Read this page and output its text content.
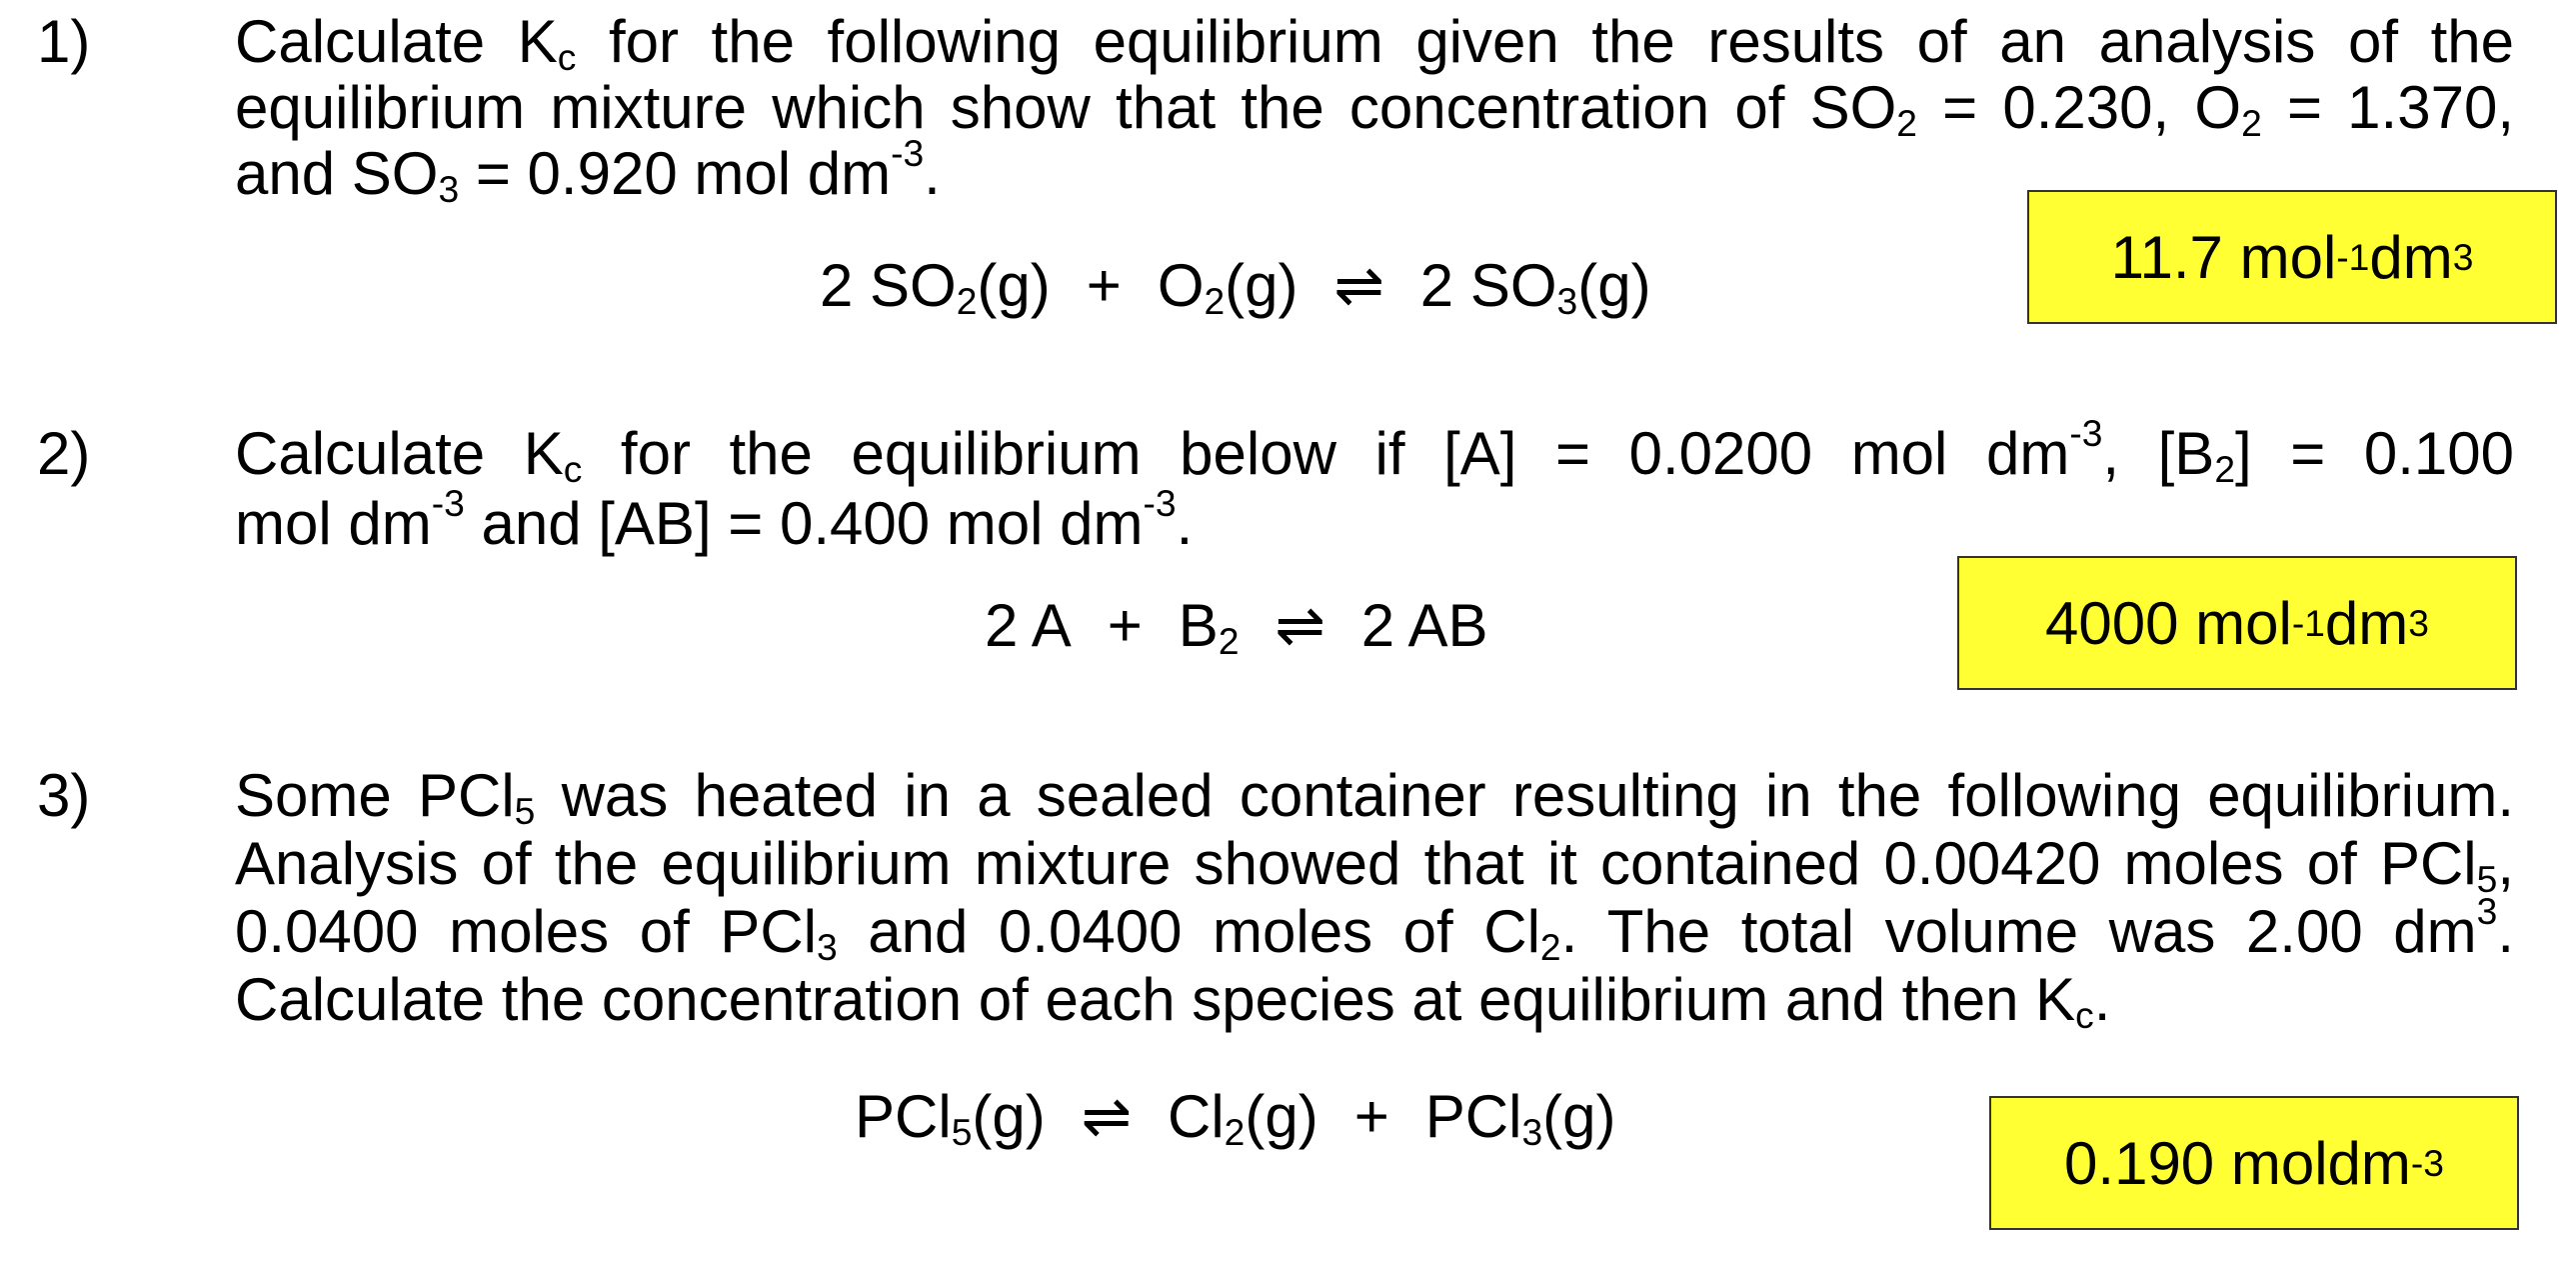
1) Calculate $K_c$ for the following equilibrium given the results of an analysis of the
equilibrium mixture which show that the concentration of $SO_2 = 0.230$, $O_2 = 1.370$,
and $SO_3 = 0.920$ mol $dm^{-3}$.
2 $SO_2(g) + O_2(g)$ ⇌ 2 $SO_3(g)$	11.7 mol -1 dm 3
2) Calculate $K_c$ for the equilibrium below if [A] = 0.0200 mol $dm^{-3}$, $[B_2] = 0.100$
mol $dm^{-3}$ and [AB] = 0.400 mol $dm^{-3}$.
2 $A + B_2$ ⇌ 2 AB	4000 mol -1 dm 3
3) Some PCl$_5$ was heated in a sealed container resulting in the following equilibrium.
Analysis of the equilibrium mixture showed that it contained 0.00420 moles of PCl$_5$,
0.0400 moles of PCl$_3$ and 0.0400 moles of $Cl_2$. The total volume was 2.00 $dm^3$.
Calculate the concentration of each species at equilibrium and then $K_c$.
PCl$_5$(g) ⇌ $Cl_2(g) + PCl_3(g)$
0.190 moldm -3
